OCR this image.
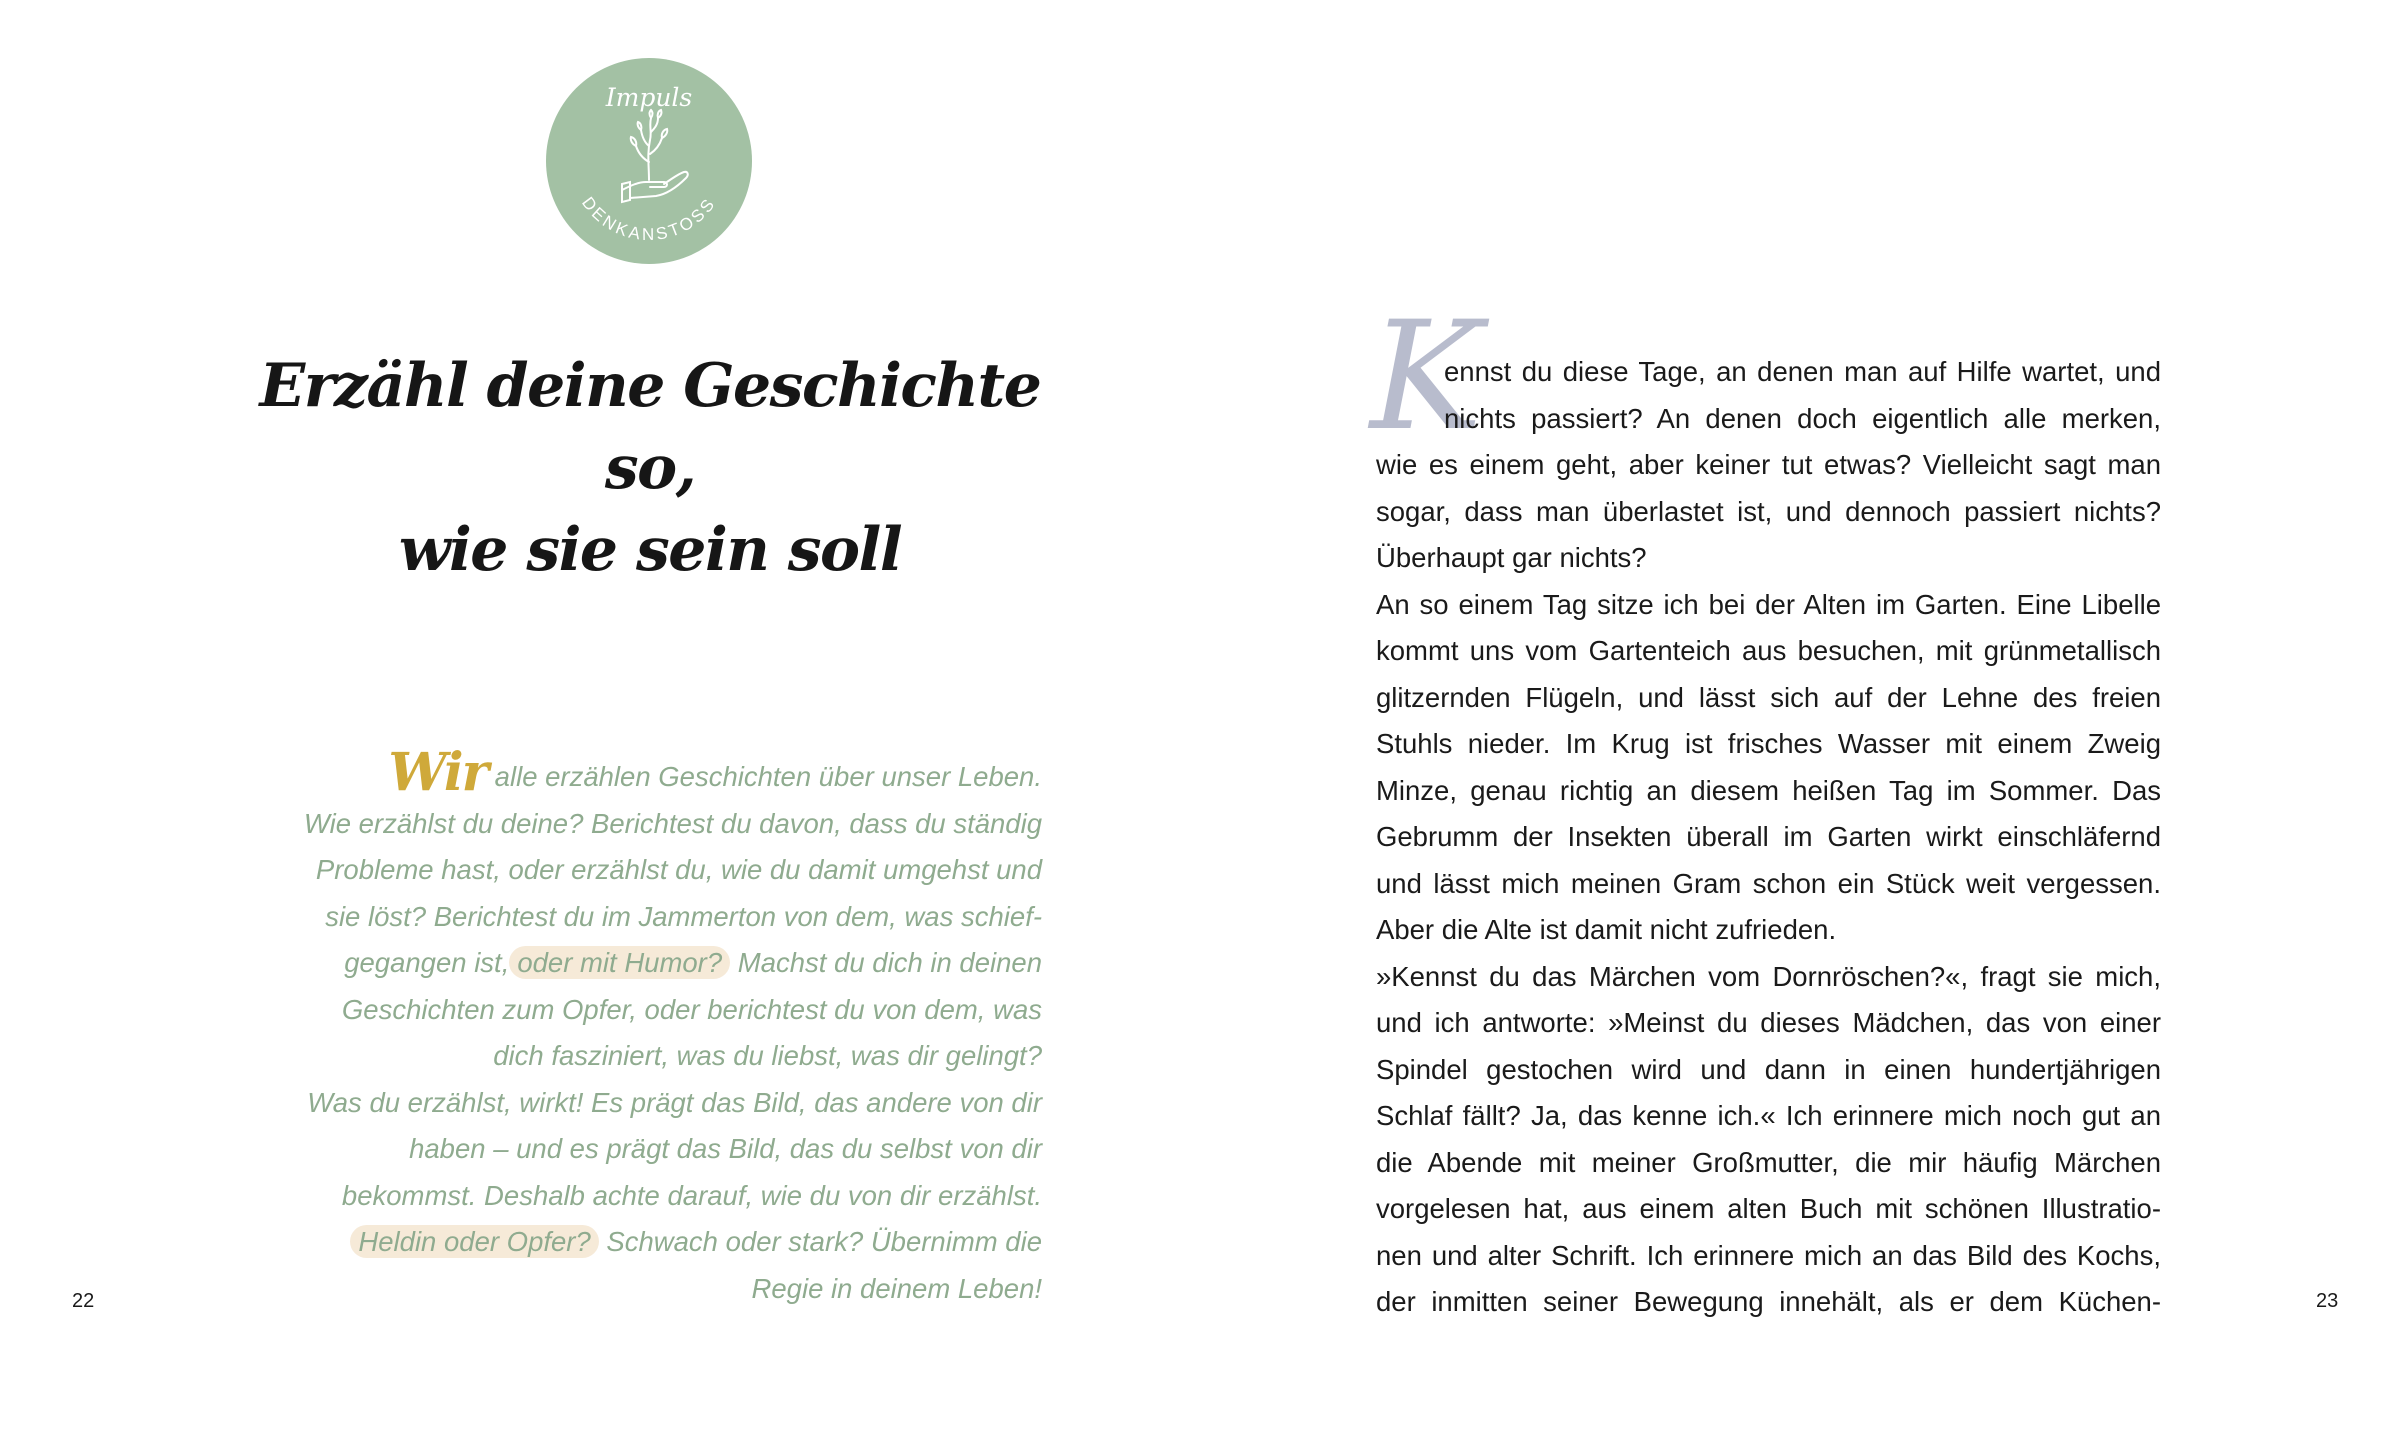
Impuls
DENKANSTOSS
Erzähl deine Geschichte so,
wie sie sein soll
Wir alle erzählen Geschichten über unser Leben.
Wie erzählst du deine? Berichtest du davon, dass du ständig
Probleme hast, oder erzählst du, wie du damit umgehst und
sie löst? Berichtest du im Jammerton von dem, was schief-
gegangen ist, oder mit Humor? Machst du dich in deinen
Geschichten zum Opfer, oder berichtest du von dem, was
dich fasziniert, was du liebst, was dir gelingt?
Was du erzählst, wirkt! Es prägt das Bild, das andere von dir
haben – und es prägt das Bild, das du selbst von dir
bekommst. Deshalb achte darauf, wie du von dir erzählst.
Heldin oder Opfer? Schwach oder stark? Übernimm die
Regie in deinem Leben!
22
K
ennst du diese Tage, an denen man auf Hilfe wartet, und
nichts passiert? An denen doch eigentlich alle merken,
wie es einem geht, aber keiner tut etwas? Vielleicht sagt man
sogar, dass man überlastet ist, und dennoch passiert nichts?
Überhaupt gar nichts?
An so einem Tag sitze ich bei der Alten im Garten. Eine Libelle
kommt uns vom Gartenteich aus besuchen, mit grünmetallisch
glitzernden Flügeln, und lässt sich auf der Lehne des freien
Stuhls nieder. Im Krug ist frisches Wasser mit einem Zweig
Minze, genau richtig an diesem heißen Tag im Sommer. Das
Gebrumm der Insekten überall im Garten wirkt einschläfernd
und lässt mich meinen Gram schon ein Stück weit vergessen.
Aber die Alte ist damit nicht zufrieden.
»Kennst du das Märchen vom Dornröschen?«, fragt sie mich,
und ich antworte: »Meinst du dieses Mädchen, das von einer
Spindel gestochen wird und dann in einen hundertjährigen
Schlaf fällt? Ja, das kenne ich.« Ich erinnere mich noch gut an
die Abende mit meiner Großmutter, die mir häufig Märchen
vorgelesen hat, aus einem alten Buch mit schönen Illustratio-
nen und alter Schrift. Ich erinnere mich an das Bild des Kochs,
der inmitten seiner Bewegung innehält, als er dem Küchen-	23
